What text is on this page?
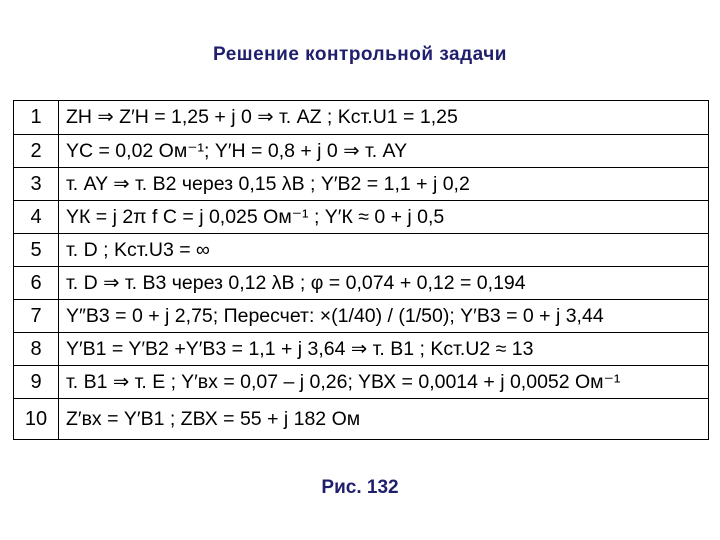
Решение контрольной задачи
1	ZН ⇒ Z′Н = 1,25 + j 0 ⇒ т. AZ ; Kст.U1 = 1,25
2	YС = 0,02 Ом⁻¹; Y′Н = 0,8 + j 0 ⇒ т. AY
3	т. AY ⇒ т. B2 через 0,15 λВ ; Y′B2 = 1,1 + j 0,2
4	YК = j 2π f C = j 0,025 Ом⁻¹ ; Y′К ≈ 0 + j 0,5
5	т. D ; Kст.U3 = ∞
6	т. D ⇒ т. B3 через 0,12 λВ ; φ = 0,074 + 0,12 = 0,194
7	Y″B3 = 0 + j 2,75; Пересчет: ×(1/40) / (1/50); Y′B3 = 0 + j 3,44
8	Y′B1 = Y′B2 +Y′B3 = 1,1 + j 3,64 ⇒ т. B1 ; Kст.U2 ≈ 13
9	т. B1 ⇒ т. E ; Y′вх = 0,07 – j 0,26; YВХ = 0,0014 + j 0,0052 Ом⁻¹
10 Z′вх = Y′B1 ; ZВХ = 55 + j 182 Ом
Рис. 132
